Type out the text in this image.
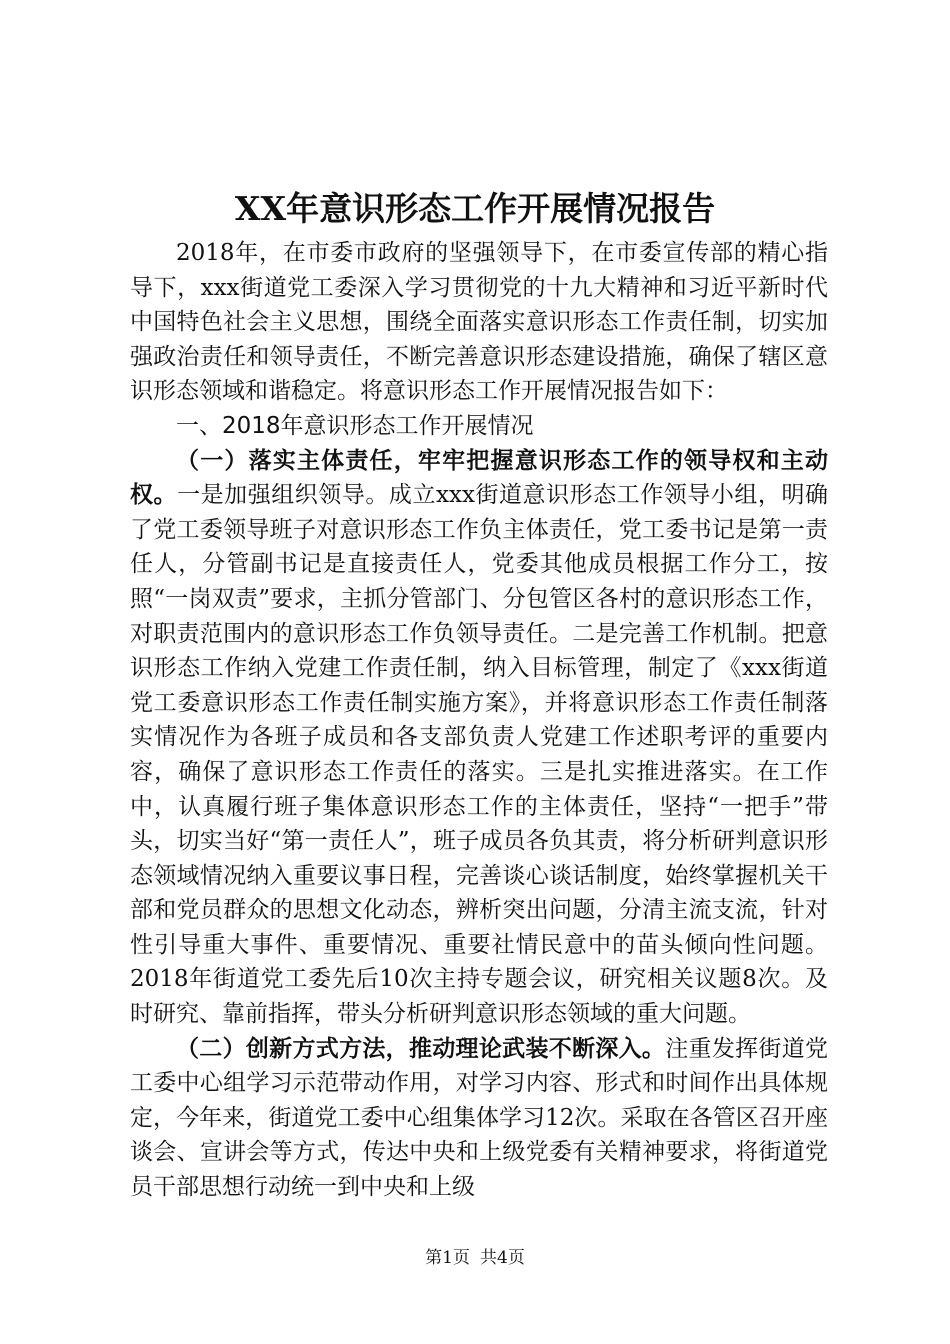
XX年意识形态工作开展情况报告

2018年，在市委市政府的坚强领导下，在市委宣传部的精心指导下，xxx街道党工委深入学习贯彻党的十九大精神和习近平新时代中国特色社会主义思想，围绕全面落实意识形态工作责任制，切实加强政治责任和领导责任，不断完善意识形态建设措施，确保了辖区意识形态领域和谐稳定。将意识形态工作开展情况报告如下：

一、2018年意识形态工作开展情况

（一）落实主体责任，牢牢把握意识形态工作的领导权和主动权。一是加强组织领导。成立xxx街道意识形态工作领导小组，明确了党工委领导班子对意识形态工作负主体责任，党工委书记是第一责任人，分管副书记是直接责任人，党委其他成员根据工作分工，按照“一岗双责”要求，主抓分管部门、分包管区各村的意识形态工作，对职责范围内的意识形态工作负领导责任。二是完善工作机制。把意识形态工作纳入党建工作责任制，纳入目标管理，制定了《xxx街道党工委意识形态工作责任制实施方案》，并将意识形态工作责任制落实情况作为各班子成员和各支部负责人党建工作述职考评的重要内容，确保了意识形态工作责任的落实。三是扎实推进落实。在工作中，认真履行班子集体意识形态工作的主体责任，坚持“一把手”带头，切实当好“第一责任人”，班子成员各负其责，将分析研判意识形态领域情况纳入重要议事日程，完善谈心谈话制度，始终掌握机关干部和党员群众的思想文化动态，辨析突出问题，分清主流支流，针对性引导重大事件、重要情况、重要社情民意中的苗头倾向性问题。2018年街道党工委先后10次主持专题会议，研究相关议题8次。及时研究、靠前指挥，带头分析研判意识形态领域的重大问题。

（二）创新方式方法，推动理论武装不断深入。注重发挥街道党工委中心组学习示范带动作用，对学习内容、形式和时间作出具体规定，今年来，街道党工委中心组集体学习12次。采取在各管区召开座谈会、宣讲会等方式，传达中央和上级党委有关精神要求，将街道党员干部思想行动统一到中央和上级

第1页 共4页
